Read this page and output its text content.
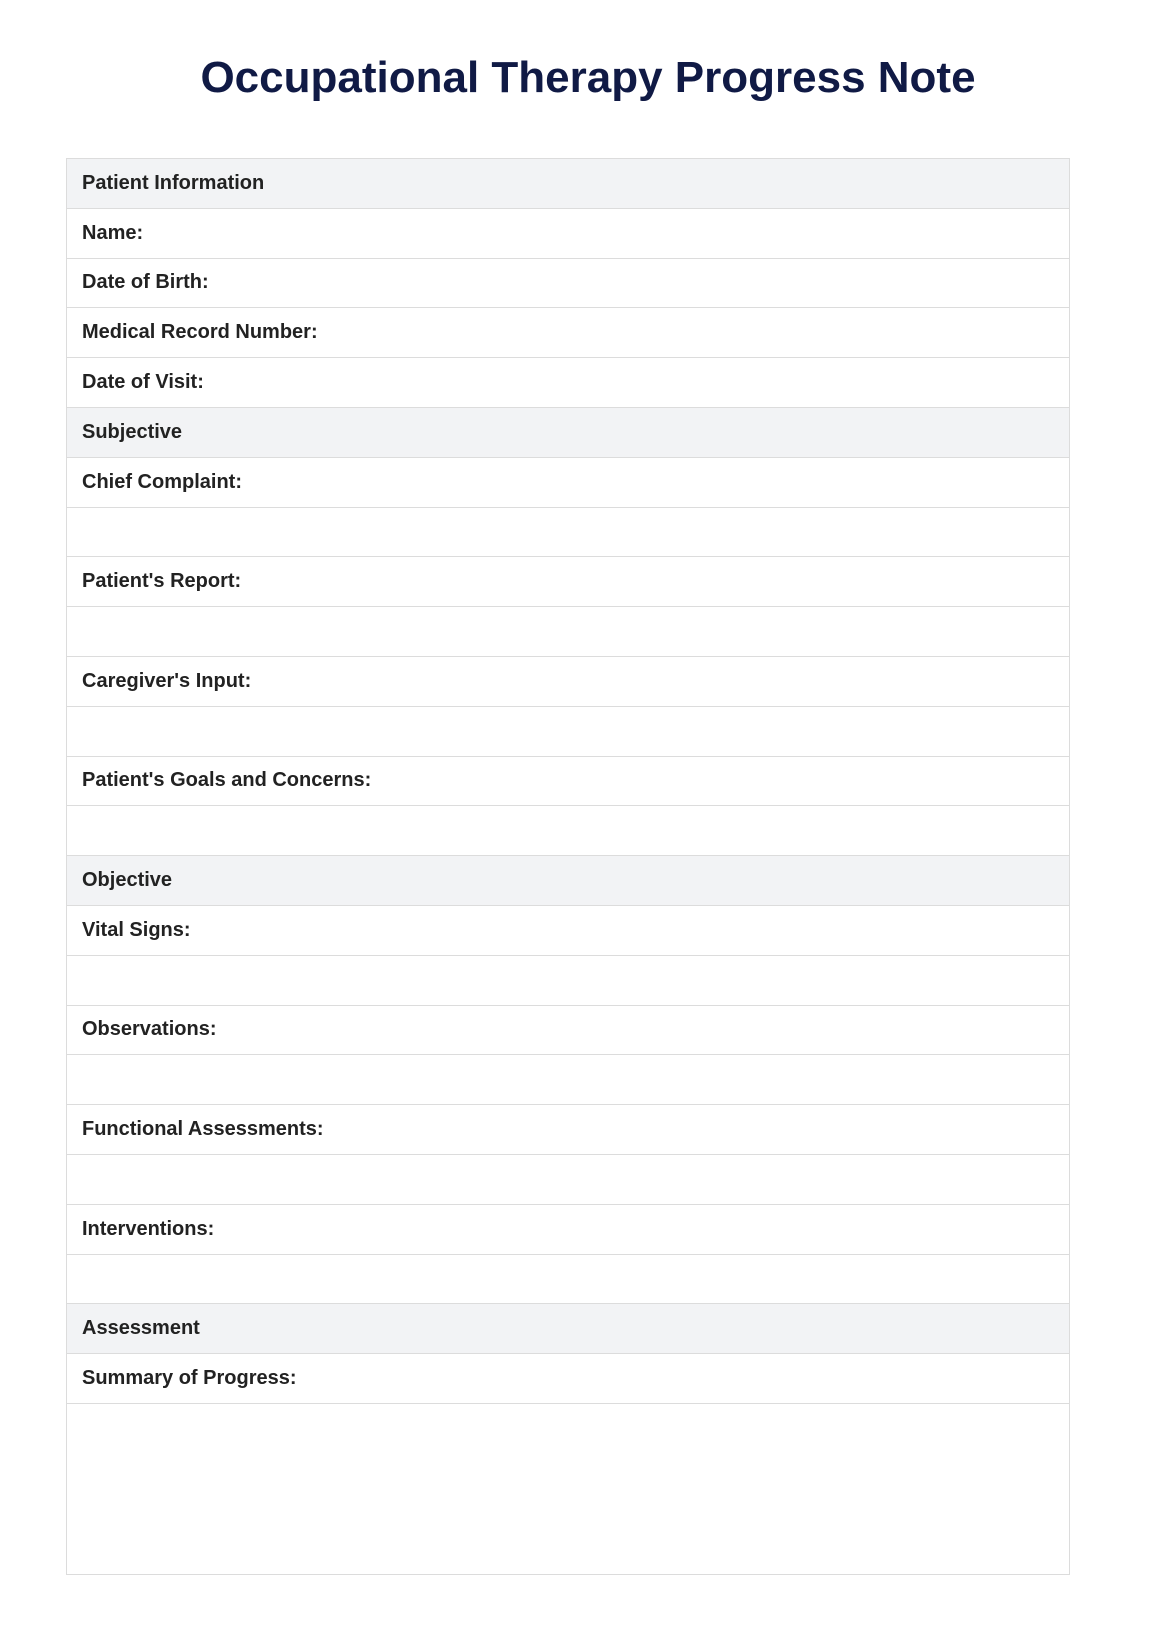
Occupational Therapy Progress Note
Patient Information
Name:
Date of Birth:
Medical Record Number:
Date of Visit:
Subjective
Chief Complaint:
Patient's Report:
Caregiver's Input:
Patient's Goals and Concerns:
Objective
Vital Signs:
Observations:
Functional Assessments:
Interventions:
Assessment
Summary of Progress:
